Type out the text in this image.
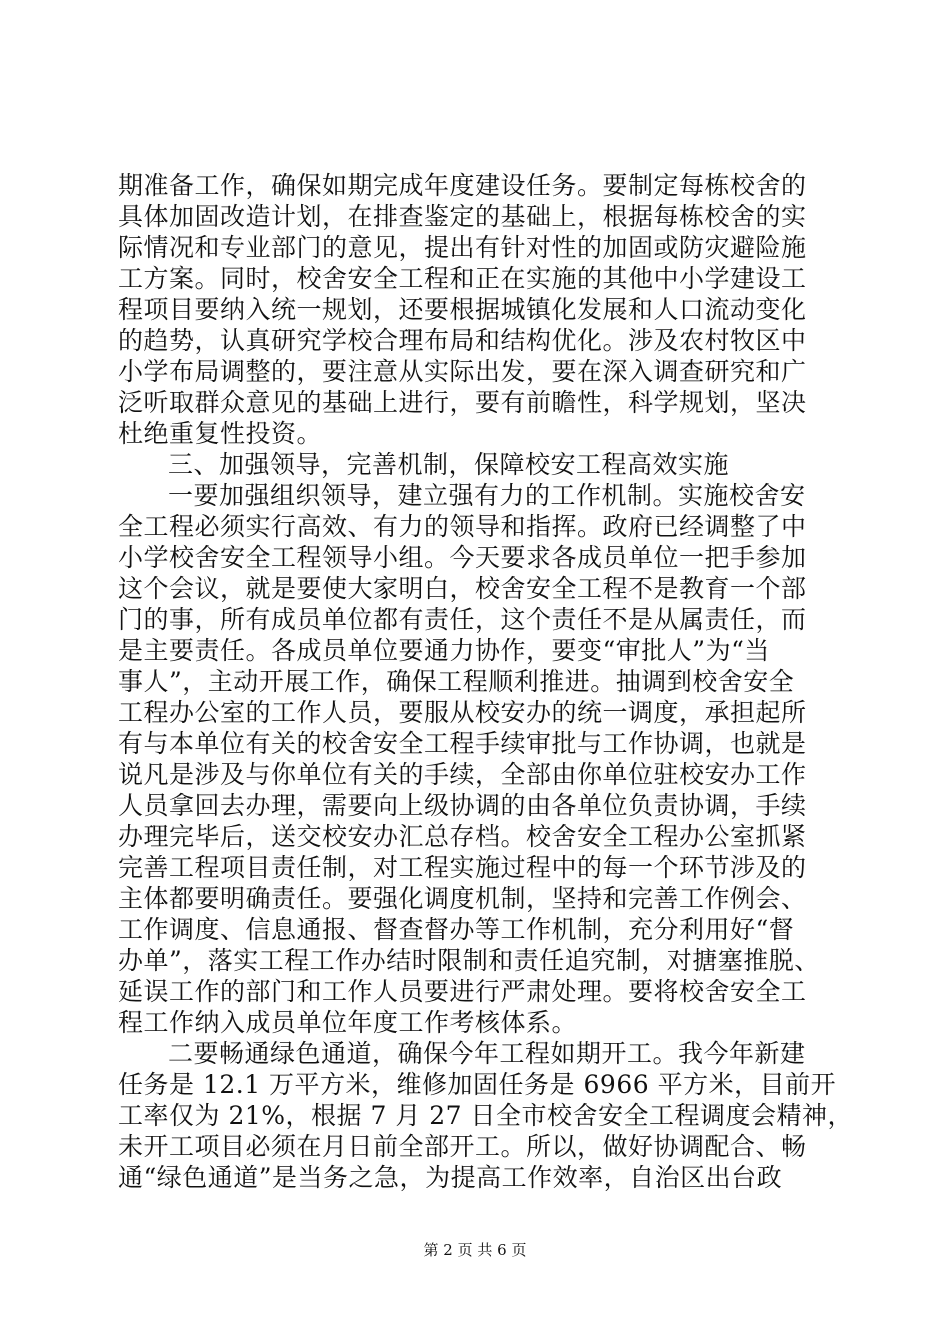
期准备工作，确保如期完成年度建设任务。要制定每栋校舍的
具体加固改造计划，在排查鉴定的基础上，根据每栋校舍的实
际情况和专业部门的意见，提出有针对性的加固或防灾避险施
工方案。同时，校舍安全工程和正在实施的其他中小学建设工
程项目要纳入统一规划，还要根据城镇化发展和人口流动变化
的趋势，认真研究学校合理布局和结构优化。涉及农村牧区中
小学布局调整的，要注意从实际出发，要在深入调查研究和广
泛听取群众意见的基础上进行，要有前瞻性，科学规划，坚决
杜绝重复性投资。
三、加强领导，完善机制，保障校安工程高效实施
一要加强组织领导，建立强有力的工作机制。实施校舍安
全工程必须实行高效、有力的领导和指挥。政府已经调整了中
小学校舍安全工程领导小组。今天要求各成员单位一把手参加
这个会议，就是要使大家明白，校舍安全工程不是教育一个部
门的事，所有成员单位都有责任，这个责任不是从属责任，而
是主要责任。各成员单位要通力协作，要变“审批人”为“当
事人”，主动开展工作，确保工程顺利推进。抽调到校舍安全
工程办公室的工作人员，要服从校安办的统一调度，承担起所
有与本单位有关的校舍安全工程手续审批与工作协调，也就是
说凡是涉及与你单位有关的手续，全部由你单位驻校安办工作
人员拿回去办理，需要向上级协调的由各单位负责协调，手续
办理完毕后，送交校安办汇总存档。校舍安全工程办公室抓紧
完善工程项目责任制，对工程实施过程中的每一个环节涉及的
主体都要明确责任。要强化调度机制，坚持和完善工作例会、
工作调度、信息通报、督查督办等工作机制，充分利用好“督
办单”，落实工程工作办结时限制和责任追究制，对搪塞推脱、
延误工作的部门和工作人员要进行严肃处理。要将校舍安全工
程工作纳入成员单位年度工作考核体系。
二要畅通绿色通道，确保今年工程如期开工。我今年新建
任务是 12.1 万平方米，维修加固任务是 6966 平方米，目前开
工率仅为 21%，根据 7 月 27 日全市校舍安全工程调度会精神，
未开工项目必须在月日前全部开工。所以，做好协调配合、畅
通“绿色通道”是当务之急，为提高工作效率，自治区出台政
第 2 页 共 6 页
